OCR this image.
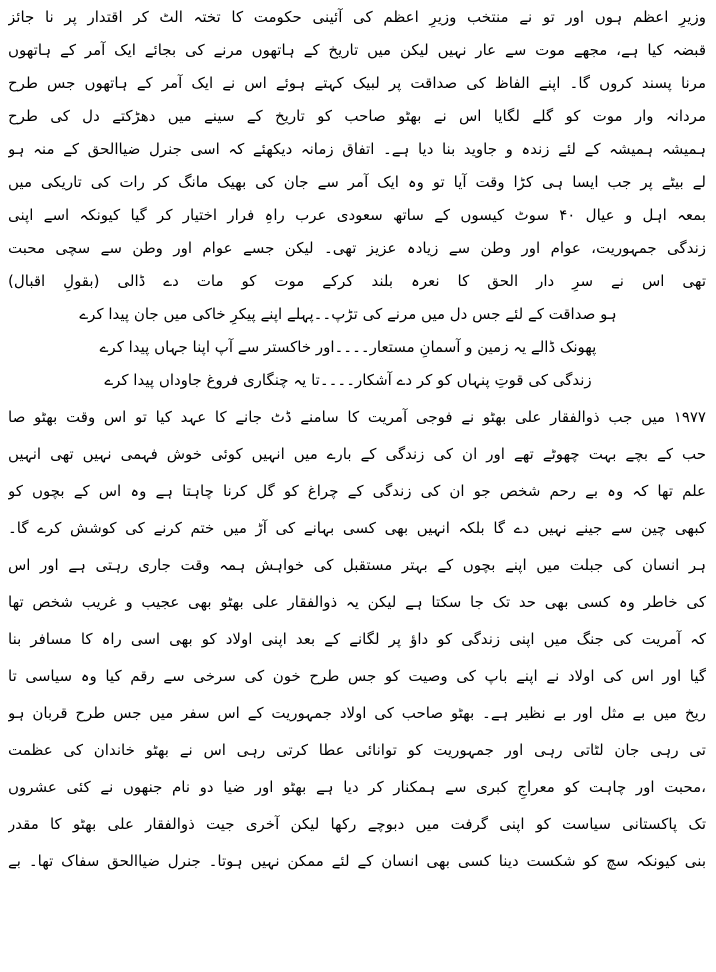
وزیرِ اعظم ہوں اور تو نے منتخب وزیرِ اعظم کی آئینی حکومت کا تختہ الٹ کر اقتدار پر نا جائز
قبضہ کیا ہے، مجھے موت سے عار نہیں لیکن میں تاریخ کے ہاتھوں مرنے کی بجائے ایک آمر کے ہاتھوں
مرنا پسند کروں گا۔ اپنے الفاظ کی صداقت پر لبیک کہتے ہوئے اس نے ایک آمر کے ہاتھوں جس طرح
مردانہ وار موت کو گلے لگایا اس نے بھٹو صاحب کو تاریخ کے سینے میں دھڑکتے دل کی طرح
ہمیشہ ہمیشہ کے لئے زندہ و جاوید بنا دیا ہے۔ اتفاق زمانہ دیکھئے کہ اسی جنرل ضیاالحق کے منہ ہو
لے بیٹے پر جب ایسا ہی کڑا وقت آیا تو وہ ایک آمر سے جان کی بھیک مانگ کر رات کی تاریکی میں
بمعہ اہل و عیال ۴۰ سوٹ کیسوں کے ساتھ سعودی عرب راہِ فرار اختیار کر گیا کیونکہ اسے اپنی
زندگی جمہوریت، عوام اور وطن سے زیادہ عزیز تھی۔ لیکن جسے عوام اور وطن سے سچی محبت
تھی اس نے سرِ دار الحق کا نعرہ بلند کرکے موت کو مات دے ڈالی (بقولِ اقبال)
ہو صداقت کے لئے جس دل میں مرنے کی تڑپ۔۔پہلے اپنے پیکرِ خاکی میں جان پیدا کرے
پھونک ڈالے یہ زمین و آسمانِ مستعار۔۔۔۔اور خاکستر سے آپ اپنا جہاں پیدا کرے
زندگی کی قوتِ پنہاں کو کر دے آشکار۔۔۔۔تا یہ چنگاری فروغ جاوداں پیدا کرے
۱۹۷۷ میں جب ذوالفقار علی بھٹو نے فوجی آمریت کا سامنے ڈٹ جانے کا عہد کیا تو اس وقت بھٹو صا
حب کے بچے بہت چھوٹے تھے اور ان کی زندگی کے بارے میں انہیں کوئی خوش فہمی نہیں تھی انہیں
علم تھا کہ وہ بے رحم شخص جو ان کی زندگی کے چراغ کو گل کرنا چاہتا ہے وہ اس کے بچوں کو
کبھی چین سے جینے نہیں دے گا بلکہ انہیں بھی کسی بہانے کی آڑ میں ختم کرنے کی کوشش کرے گا۔
ہر انسان کی جبلت میں اپنے بچوں کے بہتر مستقبل کی خواہش ہمہ وقت جاری رہتی ہے اور اس
کی خاطر وہ کسی بھی حد تک جا سکتا ہے لیکن یہ ذوالفقار علی بھٹو بھی عجیب و غریب شخص تھا
کہ آمریت کی جنگ میں اپنی زندگی کو داؤ پر لگانے کے بعد اپنی اولاد کو بھی اسی راہ کا مسافر بنا
گیا اور اس کی اولاد نے اپنے باپ کی وصیت کو جس طرح خون کی سرخی سے رقم کیا وہ سیاسی تا
ریخ میں بے مثل اور بے نظیر ہے۔ بھٹو صاحب کی اولاد جمہوریت کے اس سفر میں جس طرح قربان ہو
تی رہی جان لٹاتی رہی اور جمہوریت کو توانائی عطا کرتی رہی اس نے بھٹو خاندان کی عظمت
،محبت اور چاہت کو معراجِ کبری سے ہمکنار کر دیا ہے بھٹو اور ضیا دو نام جنھوں نے کئی عشروں
تک پاکستانی سیاست کو اپنی گرفت میں دبوچے رکھا لیکن آخری جیت ذوالفقار علی بھٹو کا مقدر
بنی کیونکہ سچ کو شکست دینا کسی بھی انسان کے لئے ممکن نہیں ہوتا۔ جنرل ضیاالحق سفاک تھا۔ بے
